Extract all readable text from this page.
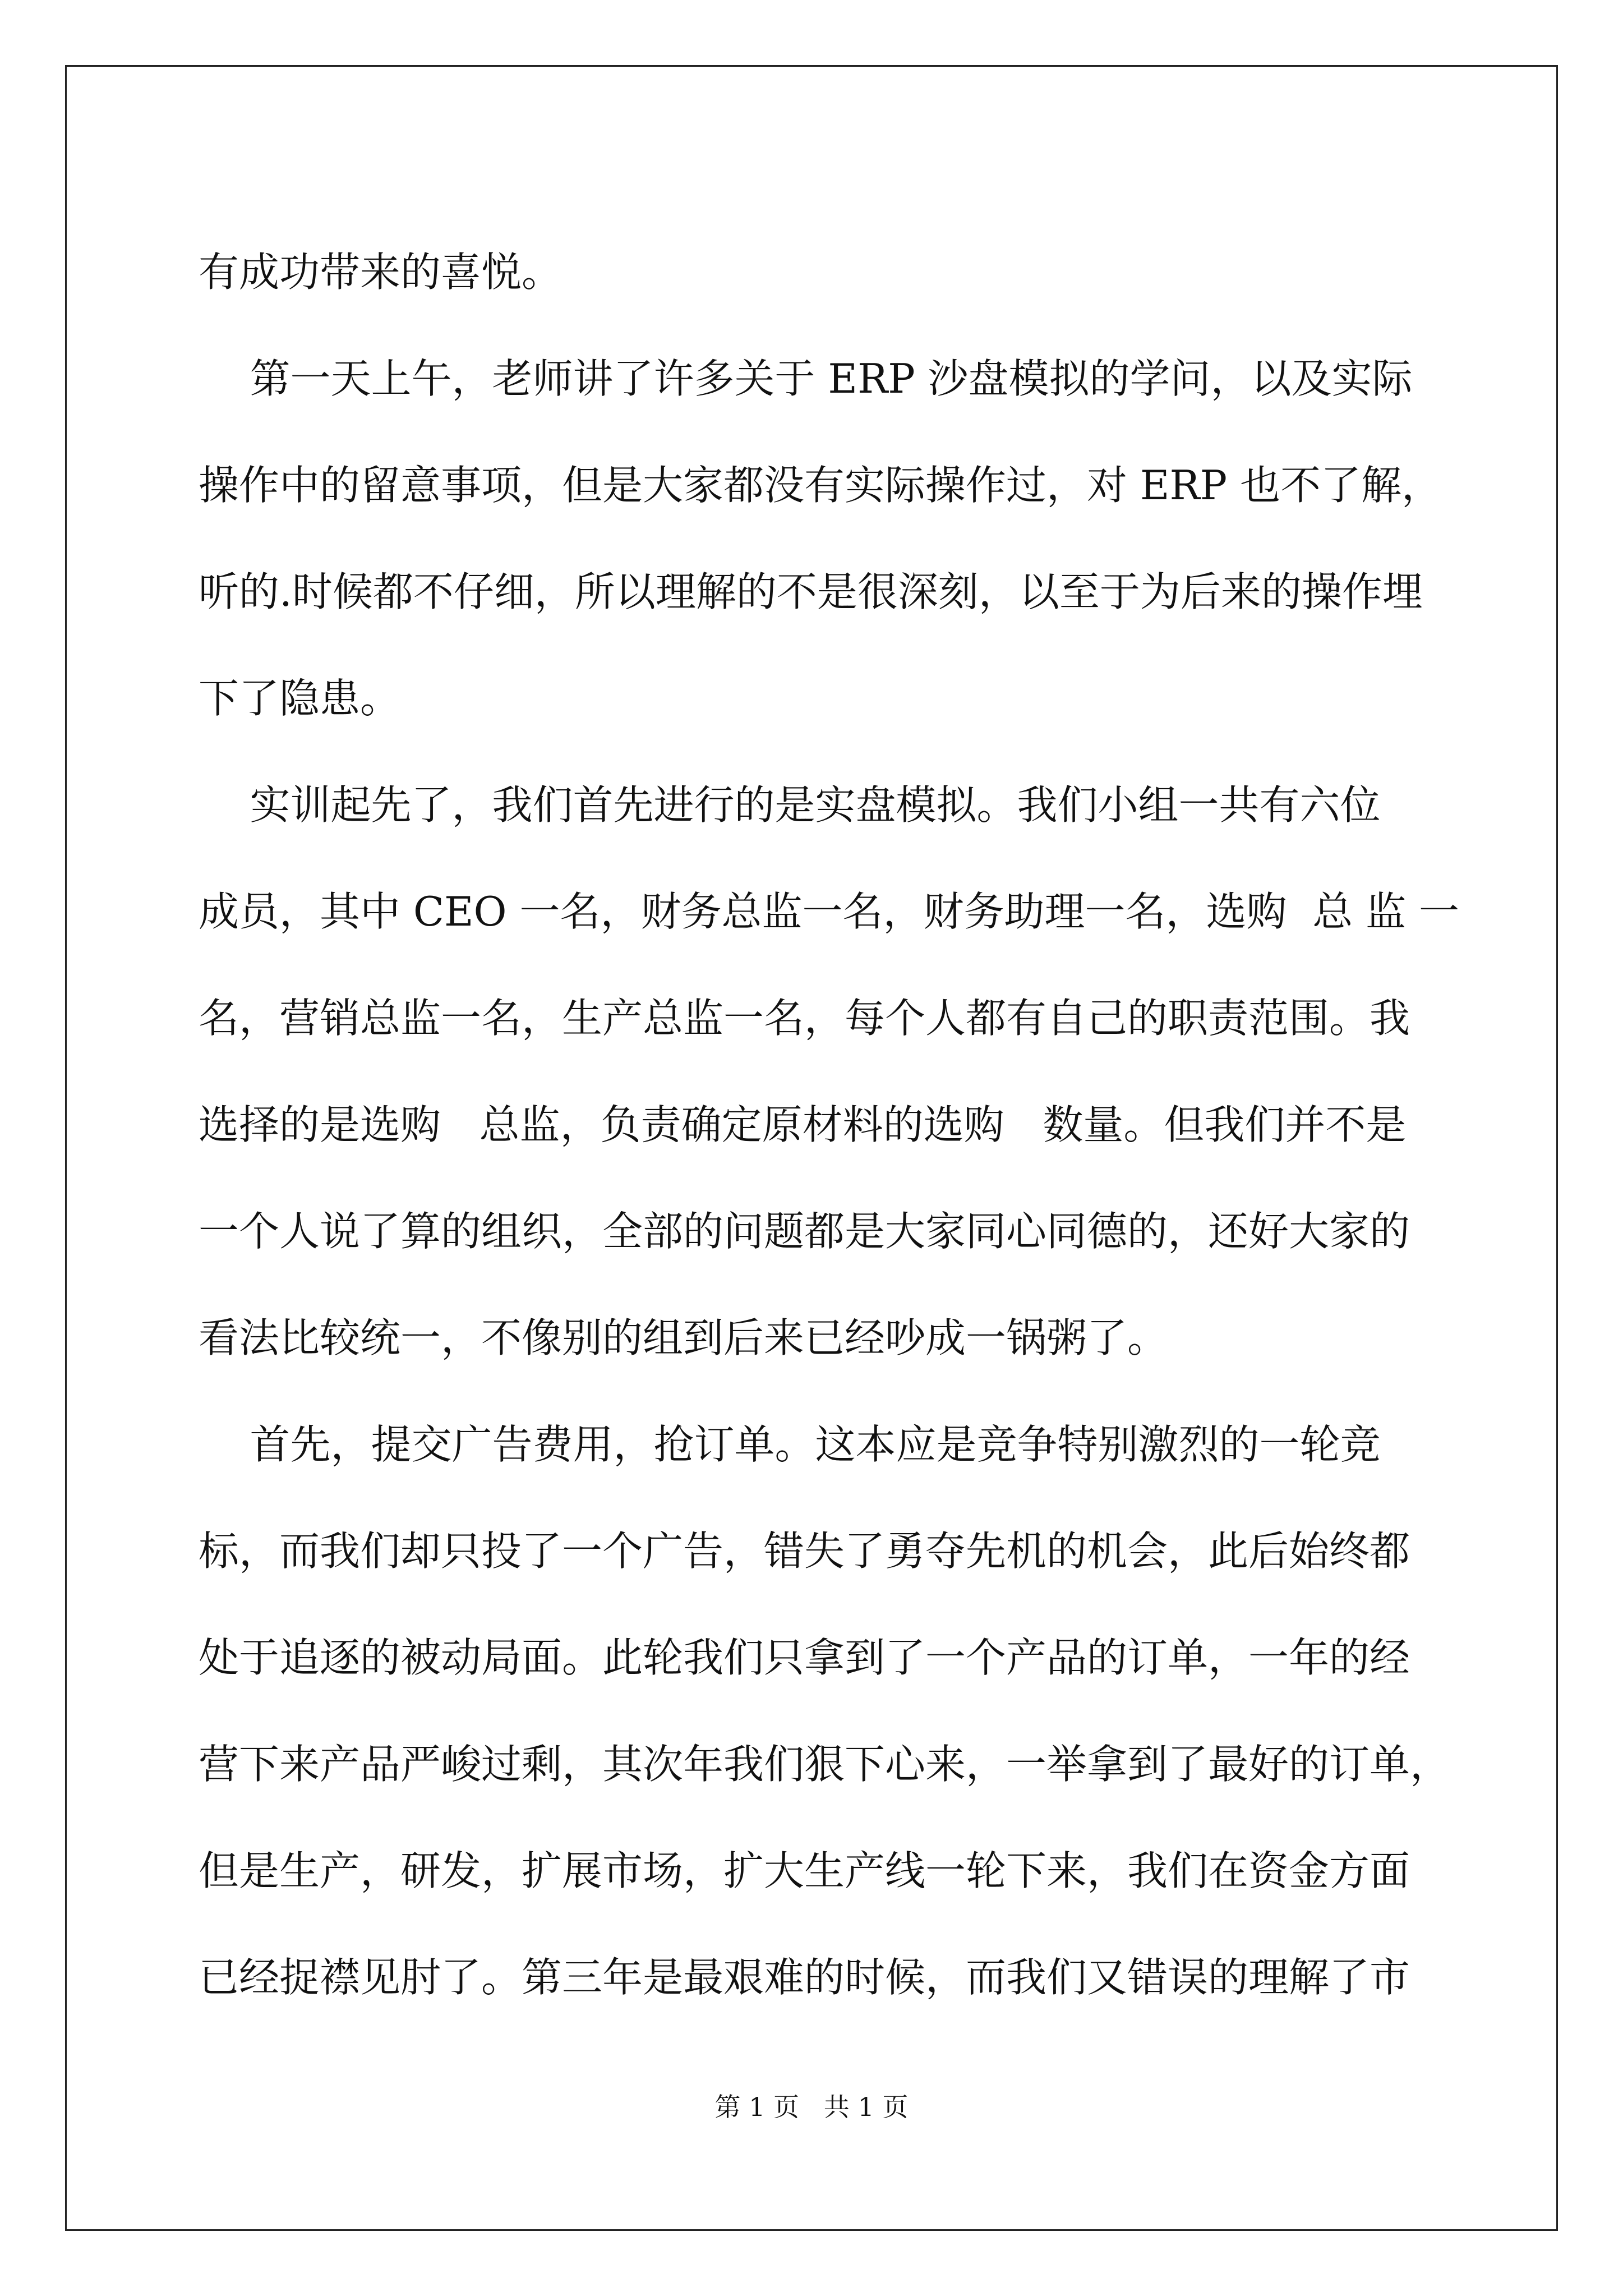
有成功带来的喜悦。
第一天上午，老师讲了许多关于 ERP 沙盘模拟的学问，以及实际
操作中的留意事项，但是大家都没有实际操作过，对 ERP 也不了解，
听的.时候都不仔细，所以理解的不是很深刻，以至于为后来的操作埋
下了隐患。
实训起先了，我们首先进行的是实盘模拟。我们小组一共有六位
成员，其中 CEO 一名，财务总监一名，财务助理一名，选购  总 监 一
名，营销总监一名，生产总监一名，每个人都有自己的职责范围。我
选择的是选购   总监，负责确定原材料的选购   数量。但我们并不是
一个人说了算的组织，全部的问题都是大家同心同德的，还好大家的
看法比较统一，不像别的组到后来已经吵成一锅粥了。
首先，提交广告费用，抢订单。这本应是竞争特别激烈的一轮竞
标，而我们却只投了一个广告，错失了勇夺先机的机会，此后始终都
处于追逐的被动局面。此轮我们只拿到了一个产品的订单，一年的经
营下来产品严峻过剩，其次年我们狠下心来，一举拿到了最好的订单，
但是生产，研发，扩展市场，扩大生产线一轮下来，我们在资金方面
已经捉襟见肘了。第三年是最艰难的时候，而我们又错误的理解了市
第 1 页   共 1 页
